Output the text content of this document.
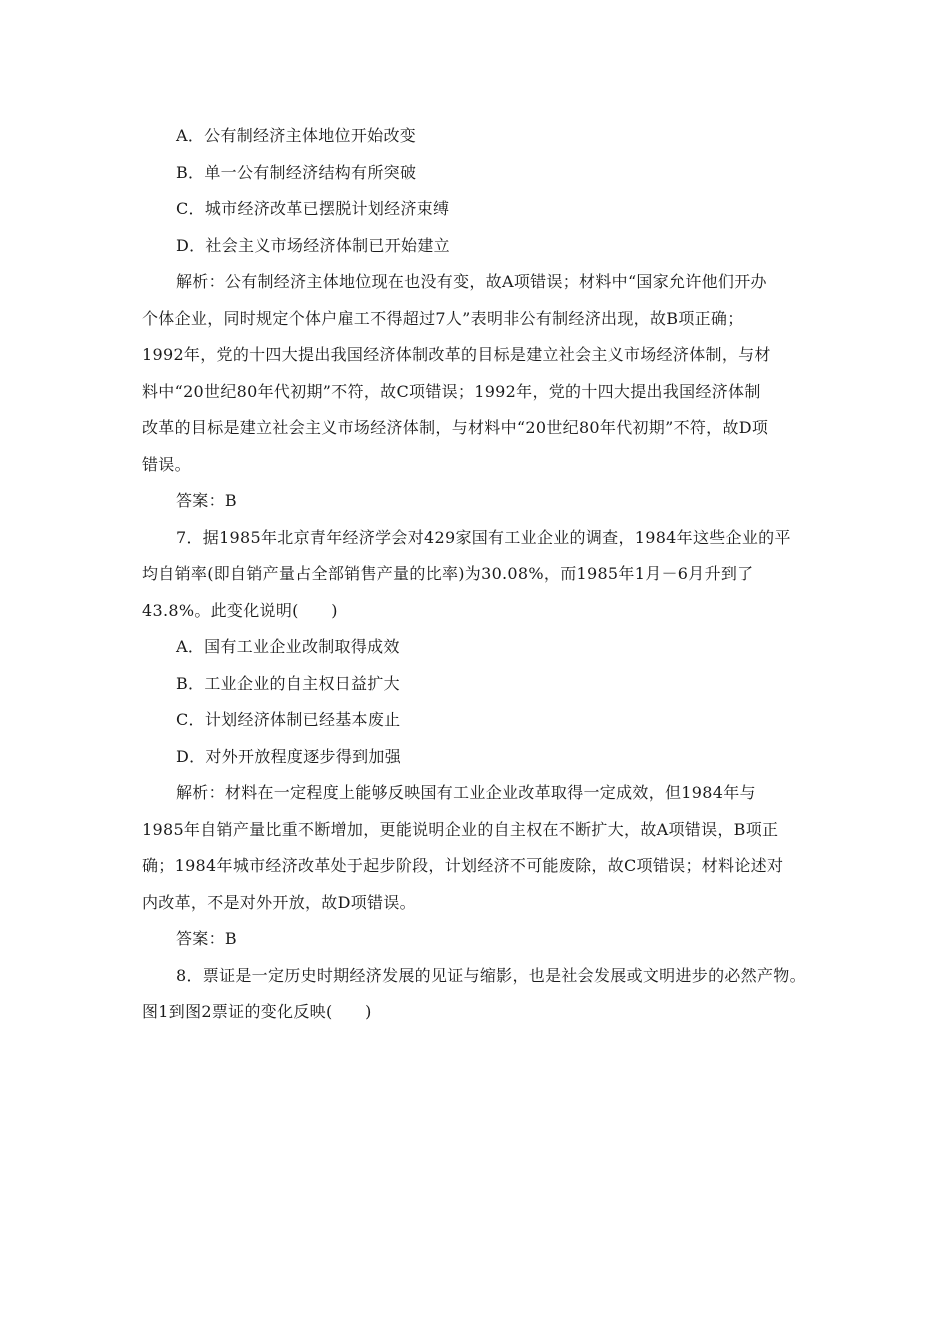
A．公有制经济主体地位开始改变
B．单一公有制经济结构有所突破
C．城市经济改革已摆脱计划经济束缚
D．社会主义市场经济体制已开始建立
解析：公有制经济主体地位现在也没有变，故A项错误；材料中“国家允许他们开办
个体企业，同时规定个体户雇工不得超过7人”表明非公有制经济出现，故B项正确；
1992年，党的十四大提出我国经济体制改革的目标是建立社会主义市场经济体制，与材
料中“20世纪80年代初期”不符，故C项错误；1992年，党的十四大提出我国经济体制
改革的目标是建立社会主义市场经济体制，与材料中“20世纪80年代初期”不符，故D项
错误。
答案：B
7．据1985年北京青年经济学会对429家国有工业企业的调查，1984年这些企业的平
均自销率(即自销产量占全部销售产量的比率)为30.08%，而1985年1月－6月升到了
43.8%。此变化说明(　　)
A．国有工业企业改制取得成效
B．工业企业的自主权日益扩大
C．计划经济体制已经基本废止
D．对外开放程度逐步得到加强
解析：材料在一定程度上能够反映国有工业企业改革取得一定成效，但1984年与
1985年自销产量比重不断增加，更能说明企业的自主权在不断扩大，故A项错误，B项正
确；1984年城市经济改革处于起步阶段，计划经济不可能废除，故C项错误；材料论述对
内改革，不是对外开放，故D项错误。
答案：B
8．票证是一定历史时期经济发展的见证与缩影，也是社会发展或文明进步的必然产物。
图1到图2票证的变化反映(　　)
